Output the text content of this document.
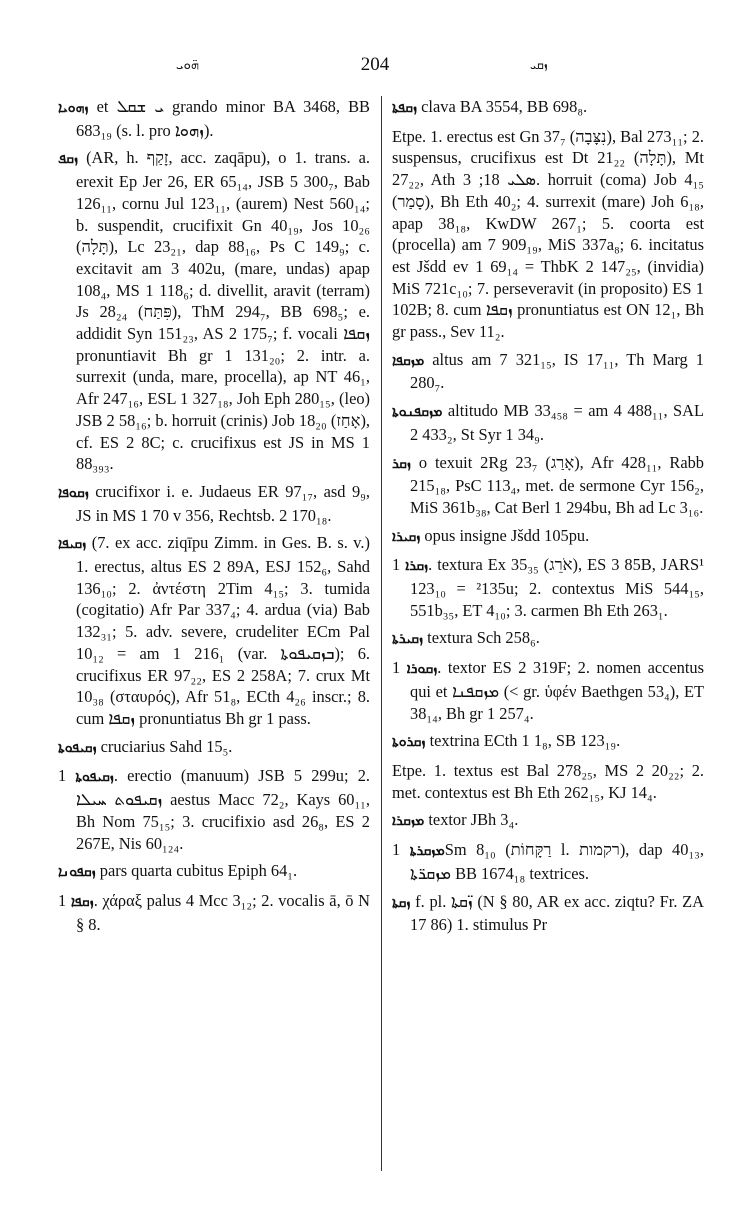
ܗ̈ܘܝ	204	ܙܩܝ

ܙܗܘܝܐ et ܝ ܫܩܠ grando minor BA 3468, BB 683₁₉ (s. l. pro ܙܗܘܐ).

ܙܩܦ (AR, h. זָקַף, acc. zaqāpu), o 1. trans. a. erexit Ep Jer 26, ER 65₁₄, JSB 5 300₇, Bab 126₁₁, cornu Jul 123₁₁, (aurem) Nest 560₁₄; b. suspendit, crucifixit Gn 40₁₉, Jos 10₂₆ (תָּלָה), Lc 23₂₁, dap 88₁₆, Ps C 149₉; c. excitavit am 3 402u, (mare, undas) apap 108₄, MS 1 118₆; d. divellit, aravit (terram) Js 28₂₄ (פִּתַּח), ThM 294₇, BB 698₅; e. addidit Syn 151₂₃, AS 2 175₇; f. vocali ܙܩܦܐ pronuntiavit Bh gr 1 131₂₀; 2. intr. a. surrexit (unda, mare, procella), ap NT 46₁, Afr 247₁₆, ESL 1 327₁₈, Joh Eph 280₁₅, (leo) JSB 2 58₁₆; b. horruit (crinis) Job 18₂₀ (אָחַז), cf. ES 2 8C; c. crucifixus est JS in MS 1 88₃₉₃.

ܙܩܘܦܐ crucifixor i. e. Judaeus ER 97₁₇, asd 9₉, JS in MS 1 70 v 356, Rechtsb. 2 170₁₈.

ܙܩܝܦܐ (7. ex acc. ziqīpu Zimm. in Ges. B. s. v.) 1. erectus, altus ES 2 89A, ESJ 152₆, Sahd 136₁₀; 2. ἀντέστη 2Tim 4₁₅; 3. tumida (cogitatio) Afr Par 337₄; 4. ardua (via) Bab 132₃₁; 5. adv. severe, crudeliter ECm Pal 10₁₂ = am 1 216₁ (var. ܒܙܩܝܦܘܬܐ); 6. crucifixus ER 97₂₂, ES 2 258A; 7. crux Mt 10₃₈ (σταυρός), Afr 51₈, ECth 4₂₆ inscr.; 8. cum ܙܩܦܐ pronuntiatus Bh gr 1 pass.

ܙܩܝܦܘܬܐ cruciarius Sahd 15₅.

ܙܩܝܦܘܬܐ 1. erectio (manuum) JSB 5 299u; 2. ܙܩܝܦܘܬ ܚܝܠܐ aestus Macc 72₂, Kays 60₁₁, Bh Nom 75₁₅; 3. crucifixio asd 26₈, ES 2 267E, Nis 60₁₂₄.

ܙܩܦܘܢܐ pars quarta cubitus Epiph 64₁.

ܙܩܦܐ 1. χάραξ palus 4 Mcc 3₁₂; 2. vocalis ā, ō N § 8.

ܙܩܦܬܐ clava BA 3554, BB 698₈.

Etpe. 1. erectus est Gn 37₇ (נִצָּבָה), Bal 273₁₁; 2. suspensus, crucifixus est Dt 21₂₂ (תָּלָה), Mt 27₂₂, Ath ܣܠܝ 18; 3. horruit (coma) Job 4₁₅ (סָמַר), Bh Eth 40₂; 4. surrexit (mare) Joh 6₁₈, apap 38₁₈, KwDW 267₁; 5. coorta est (procella) am 7 909₁₉, MiS 337a₈; 6. incitatus est Jšdd ev 1 69₁₄ = ThbK 2 147₂₅, (invidia) MiS 721c₁₀; 7. perseveravit (in proposito) ES 1 102B; 8. cum ܙܩܦܐ pronuntiatus est ON 12₁, Bh gr pass., Sev 11₂.

ܡܙܩܦܐ altus am 7 321₁₅, IS 17₁₁, Th Marg 1 280₇.

ܡܙܩܦܢܘܬܐ altitudo MB 33₄₅₈ = am 4 488₁₁, SAL 2 433₂, St Syr 1 34₉.

ܙܩܪ o texuit 2Rg 23₇ (אָרַג), Afr 428₁₁, Rabb 215₁₈, PsC 113₄, met. de sermone Cyr 156₂, MiS 361b₃₈, Cat Berl 1 294bu, Bh ad Lc 3₁₆.

ܙܩܝܪܐ opus insigne Jšdd 105pu.

ܙܩܪܐ 1. textura Ex 35₃₅ (אֹרֵג), ES 3 85B, JARS¹ 123₁₀ = ²135u; 2. contextus MiS 544₁₅, 551b₃₅, ET 4₁₀; 3. carmen Bh Eth 263₁.

ܙܩܝܪܬܐ textura Sch 258₆.

ܙܩܘܪܐ 1. textor ES 2 319F; 2. nomen accentus qui et ܡܙܩܦܢܐ (< gr. ὑφέν Baethgen 53₄), ET 38₁₄, Bh gr 1 257₄.

ܙܩܪܘܬܐ textrina ECth 1 1₈, SB 123₁₉.

Etpe. 1. textus est Bal 278₂₅, MS 2 20₂₂; 2. met. contextus est Bh Eth 262₁₅, KJ 14₄.

ܡܙܩܪܐ textor JBh 3₄.

ܡܙܩܪܬܐ 1Sm 8₁₀ (רַקָּחוֹת l. רקמות), dap 40₁₃, ܡܙܩܪ̈ܬܐ BB 1674₁₈ textrices.

ܙܩܬܐ f. pl. ܙ̈ܩܬܐ (N § 80, AR ex acc. ziqtu? Fr. ZA 17 86) 1. stimulus Pr
